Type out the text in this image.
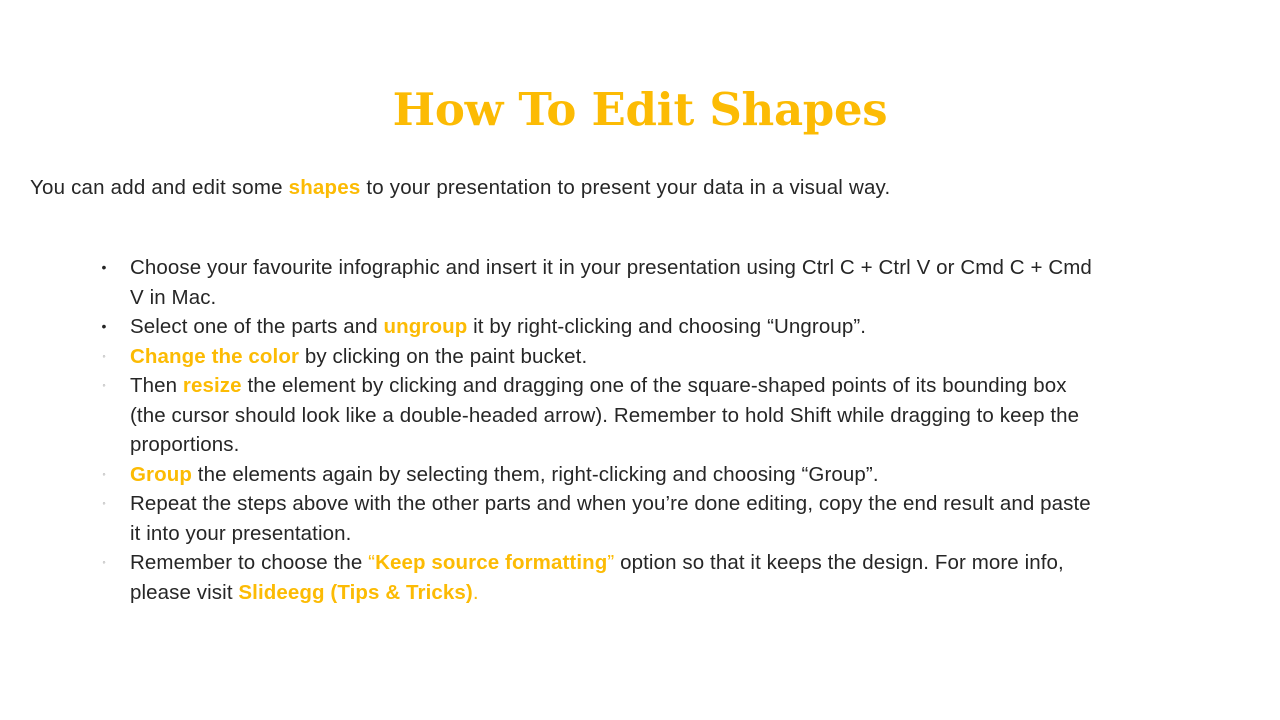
How To Edit Shapes
You can add and edit some shapes to your presentation to present your data in a visual way.
• Choose your favourite infographic and insert it in your presentation using Ctrl C + Ctrl V or Cmd C + Cmd V in Mac.
• Select one of the parts and ungroup it by right-clicking and choosing “Ungroup”.
◦ Change the color by clicking on the paint bucket.
◦ Then resize the element by clicking and dragging one of the square-shaped points of its bounding box (the cursor should look like a double-headed arrow). Remember to hold Shift while dragging to keep the proportions.
◦ Group the elements again by selecting them, right-clicking and choosing “Group”.
◦ Repeat the steps above with the other parts and when you’re done editing, copy the end result and paste it into your presentation.
◦ Remember to choose the “Keep source formatting” option so that it keeps the design. For more info, please visit Slideegg (Tips & Tricks).
